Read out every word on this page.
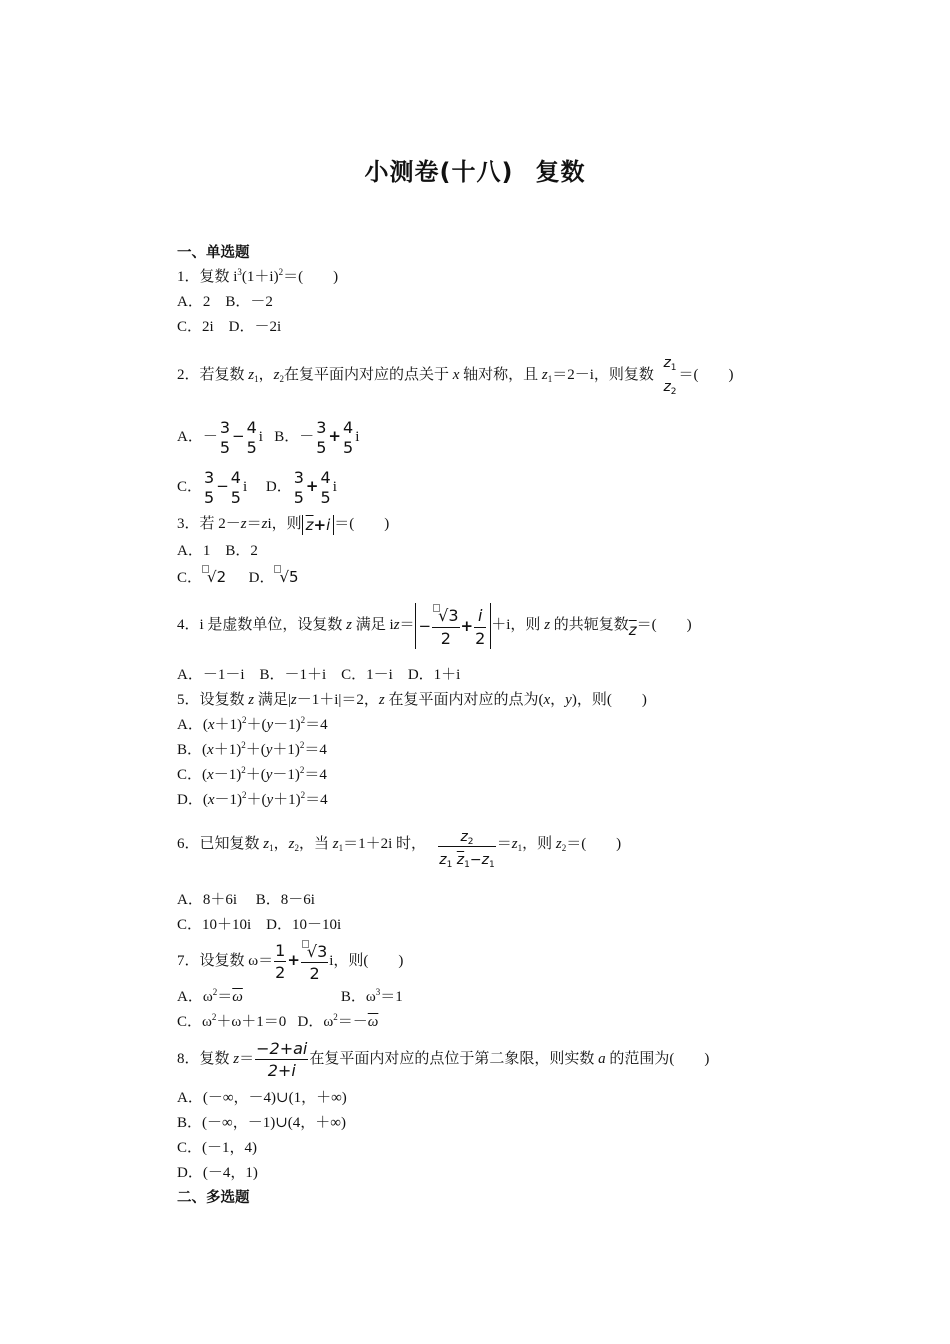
小测卷(十八) 复数
一、单选题
1．复数 $i^3(1+i)^2=$(　　)
A．2　B．－2
C．2i　D．－2i
2．若复数 $z_1$，$z_2$在复平面内对应的点关于 x 轴对称，且 $z_1=2-i$，则复数
$z_1$
$z_2$
＝(　　)
A．－
3
5
− 4
5
i B．－
3
5
+ 4
5
i
C．
3
5
− 4
5
i D．
3
5
+ 4
5
i
3．若 2－z＝zi，则 $\overline{z}+i$ ＝(　　)
A．1　B．2
C． √2 D． √5
4．i 是虚数单位，设复数 z 满足 $iz= - \frac{√3}{2} + \frac{i}{2} +i$，则 z 的共轭复数$\overline{z}=$(　　)
A．－1－i　B．－1＋i　C．1－i　D．1＋i
5．设复数 z 满足|z－1＋i|＝2，z 在复平面内对应的点为(x，y)，则(　　)
A．$(x+1)^2+(y-1)^2=4$
B．$(x+1)^2+(y+1)^2=4$
C．$(x-1)^2+(y-1)^2=4$
D．$(x-1)^2+(y+1)^2=4$
6．已知复数 $z_1$，$z_2$，当 $z_1=1+2i$ 时， $\frac{z_2}{z_1 \overline{z}_1-z_1} =z_1$，则 $z_2=$(　　)
A．8＋6i　 B．8－6i
C．10＋10i　D．10－10i
7．设复数 $\omega= \frac{1}{2} + \frac{√3}{2}$ i，则(　　)
A．$\omega^2=\overline{\omega}$	B．$\omega^3=1$
C．$\omega^2+\omega+1=0$ D．$\omega^2=-\overline{\omega}$
8．复数 $z= \frac{-2+ai}{2+i}$ 在复平面内对应的点位于第二象限，则实数 a 的范围为(　　)
A．(－∞，－4)∪(1，＋∞)
B．(－∞，－1)∪(4，＋∞)
C．(－1，4)
D．(－4，1)
二、多选题
